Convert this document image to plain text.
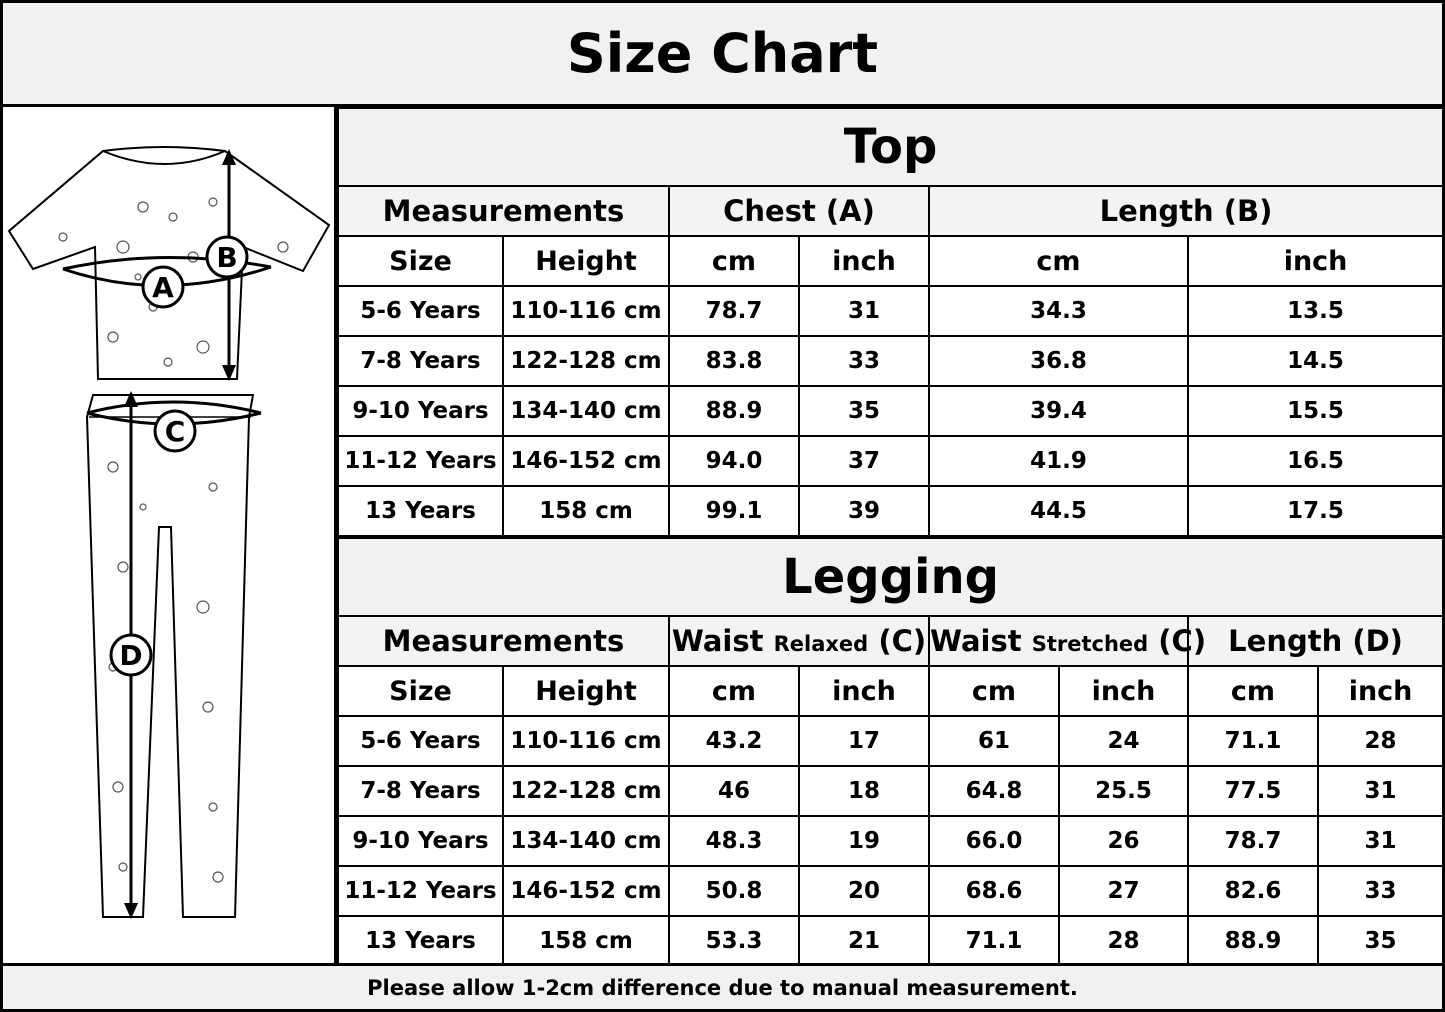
Size Chart
A
B
C
D
Top					
Measurements		Chest (A)		Length (B)	
Size	Height	cm	inch	cm	inch
5-6 Years	110-116 cm	78.7	31	34.3	13.5
7-8 Years	122-128 cm	83.8	33	36.8	14.5
9-10 Years	134-140 cm	88.9	35	39.4	15.5
11-12 Years	146-152 cm	94.0	37	41.9	16.5
13 Years	158 cm	99.1	39	44.5	17.5
Legging							
Measurements		Waist Relaxed (C)		Waist Stretched (C)		Length (D)	
Size	Height	cm	inch	cm	inch	cm	inch
5-6 Years	110-116 cm	43.2	17	61	24	71.1	28
7-8 Years	122-128 cm	46	18	64.8	25.5	77.5	31
9-10 Years	134-140 cm	48.3	19	66.0	26	78.7	31
11-12 Years	146-152 cm	50.8	20	68.6	27	82.6	33
13 Years	158 cm	53.3	21	71.1	28	88.9	35
Please allow 1-2cm difference due to manual measurement.
